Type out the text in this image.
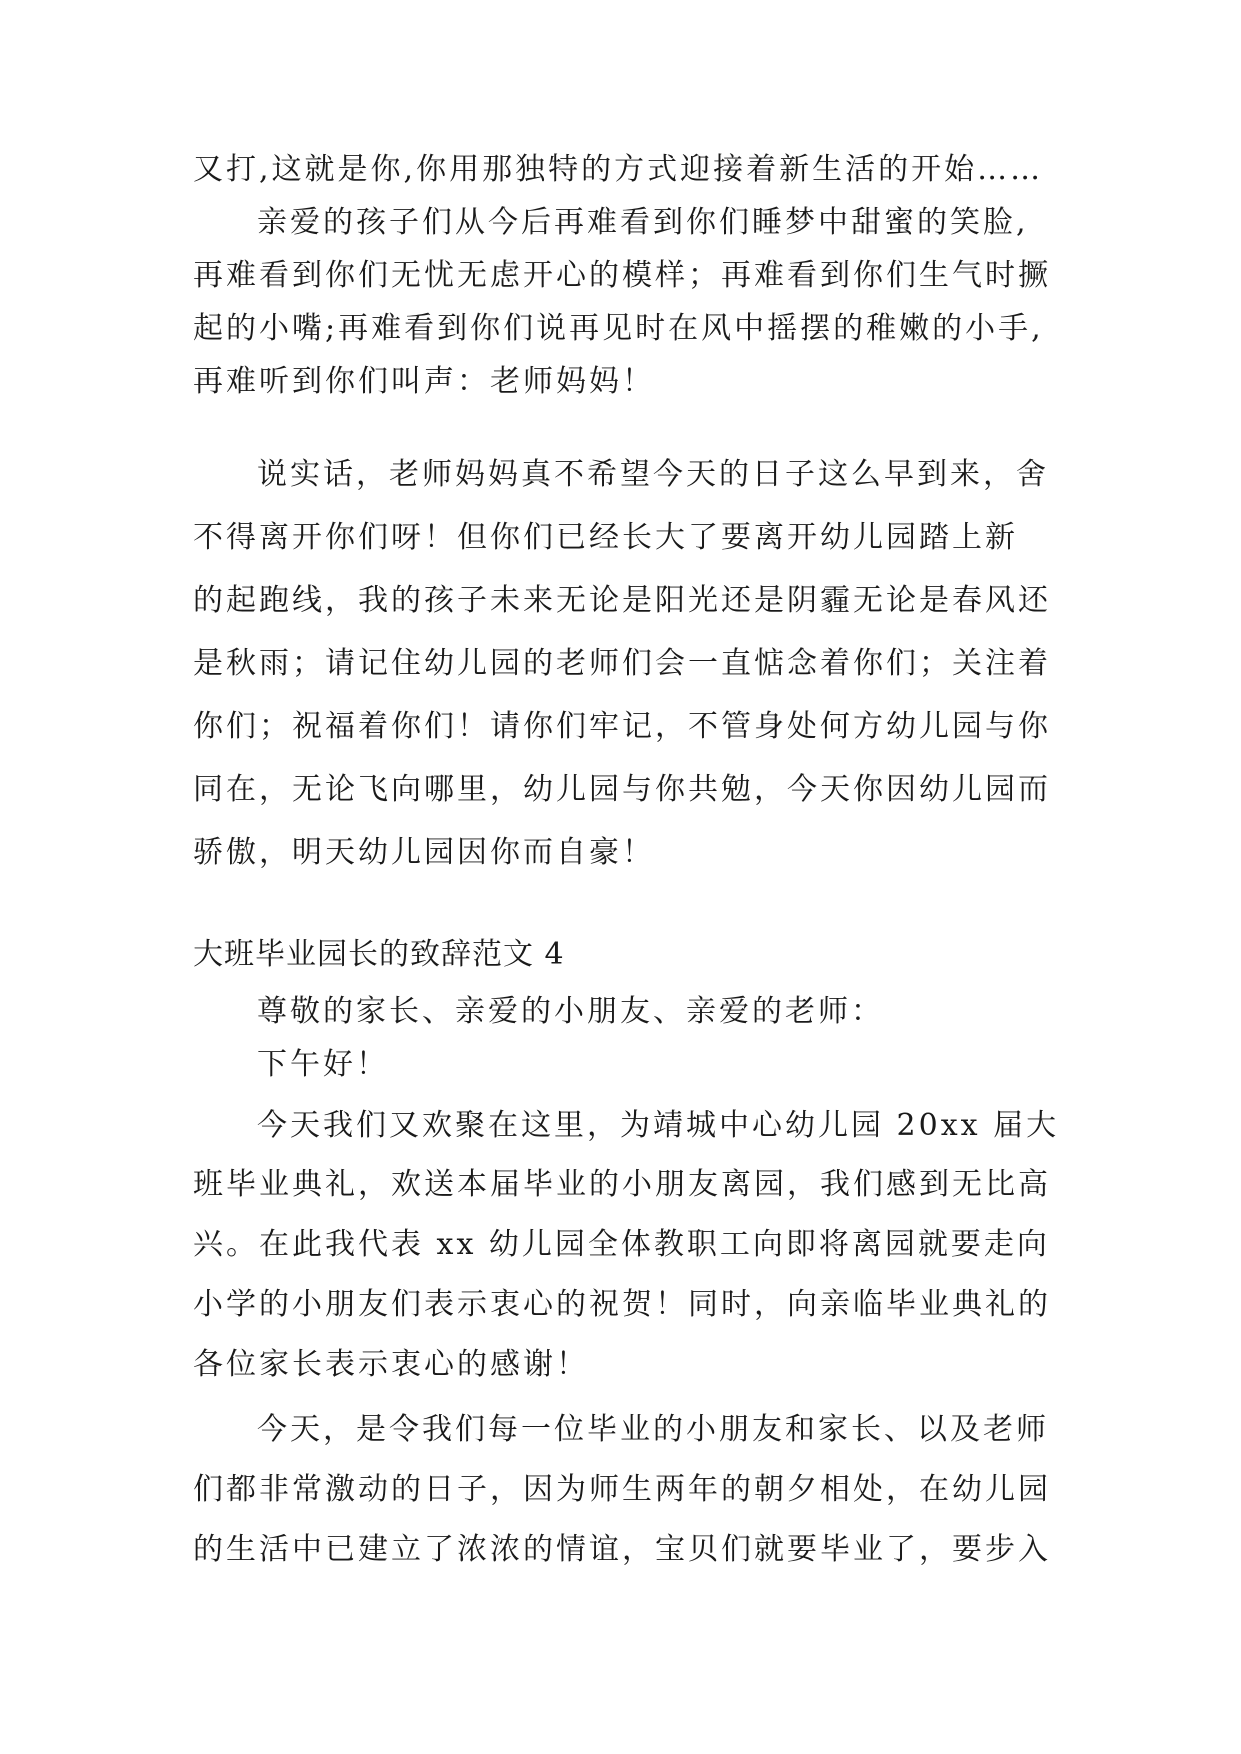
又打,这就是你,你用那独特的方式迎接着新生活的开始……
亲爱的孩子们从今后再难看到你们睡梦中甜蜜的笑脸,
再难看到你们无忧无虑开心的模样；再难看到你们生气时撅
起的小嘴;再难看到你们说再见时在风中摇摆的稚嫩的小手,
再难听到你们叫声：老师妈妈！
说实话，老师妈妈真不希望今天的日子这么早到来，舍
不得离开你们呀！但你们已经长大了要离开幼儿园踏上新
的起跑线，我的孩子未来无论是阳光还是阴霾无论是春风还
是秋雨；请记住幼儿园的老师们会一直惦念着你们；关注着
你们；祝福着你们！请你们牢记，不管身处何方幼儿园与你
同在，无论飞向哪里，幼儿园与你共勉，今天你因幼儿园而
骄傲，明天幼儿园因你而自豪！
大班毕业园长的致辞范文 4
尊敬的家长、亲爱的小朋友、亲爱的老师：
下午好！
今天我们又欢聚在这里，为靖城中心幼儿园 20xx 届大
班毕业典礼，欢送本届毕业的小朋友离园，我们感到无比高
兴。在此我代表 xx 幼儿园全体教职工向即将离园就要走向
小学的小朋友们表示衷心的祝贺！同时，向亲临毕业典礼的
各位家长表示衷心的感谢！
今天，是令我们每一位毕业的小朋友和家长、以及老师
们都非常激动的日子，因为师生两年的朝夕相处，在幼儿园
的生活中已建立了浓浓的情谊，宝贝们就要毕业了，要步入
